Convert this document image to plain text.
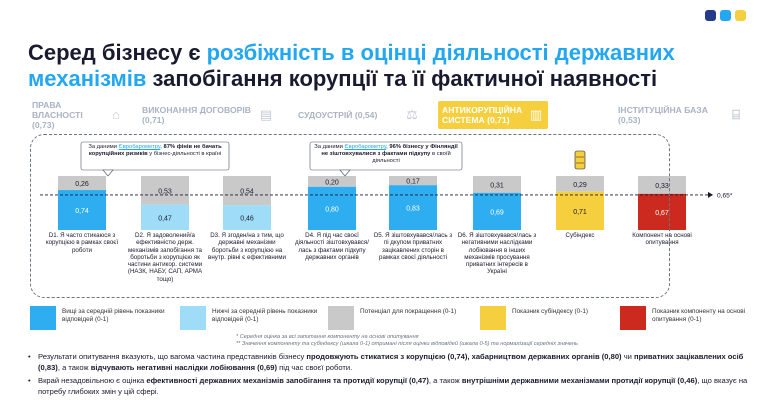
Серед бізнесу є розбіжність в оцінці діяльності державних
механізмів запобігання корупції та її фактичної наявності
ПРАВА ВЛАСНОСТІ (0,73)
⌂	ВИКОНАННЯ ДОГОВОРІВ (0,71)	▤	СУДОУСТРІЙ (0,54)	⚖	АНТИКОРУПЦІЙНА СИСТЕМА (0,71)	▥	ІНСТИТУЦІЙНА БАЗА (0,53)	⌸
0,74
0,26
0,47
0,53
0,46
0,54
0,80
0,20
0,83
0,17
0,69
0,31
0,71
0,29
0,67
0,33
0,65*
За даними Євробарометру, 87% фінів не бачать корупційних ризиків у бізнес-діяльності в країні
За даними Євробарометру, 96% бізнесу у Фінляндії не зіштовхувалися з фактами підкупу в своїй діяльності
D1. Я часто стикаюся з корупцією в рамках своєї роботи
D2. Я задоволений/а ефективністю держ. механізмів запобігання та боротьби з корупцією як частини антикор. системи (НАЗК, НАБУ, САП, АРМА тощо)
D3. Я згоден/на з тим, що державні механізми боротьби з корупцією на внутр. рівні є ефективними
D4. Я під час своєї діяльності зіштовхувався/лась з фактами підкупу державних органів
D5. Я зіштовхувався/лась з пі дкупом приватних зацікавлених сторін в рамках своєї діяльності
D6. Я зіштовхувався/лась з негативними наслідками лобіювання в інших механізмів просування приватних інтересів в Україні
Субіндекс	Компонент на основі опитування
Вищі за середній рівень показники відповідей (0-1)
Нижчі за середній рівень показники відповідей (0-1)
Потенціал для покращення (0-1)	Показник субіндексу (0-1)	Показник компоненту на основі опитування (0-1)
* Середня оцінка за всі запитання компоненту на основі опитування
** Значення компоненту та субіндексу (шкала 0-1) отримані після оцінки відповідей (шкала 0-5) та нормалізації середніх значень
• Результати опитування вказують, що вагома частина представників бізнесу продовжують стикатися з корупцією (0,74), хабарництвом державних органів (0,80) чи приватних зацікавлених осіб (0,83), а також відчувають негативні наслідки лобіювання (0,69) під час своєї роботи.
• Вкрай незадовільною є оцінка ефективності державних механізмів запобігання та протидії корупції (0,47), а також внутрішніми державними механізмами протидії корупції (0,46), що вказує на потребу глибоких змін у цій сфері.
